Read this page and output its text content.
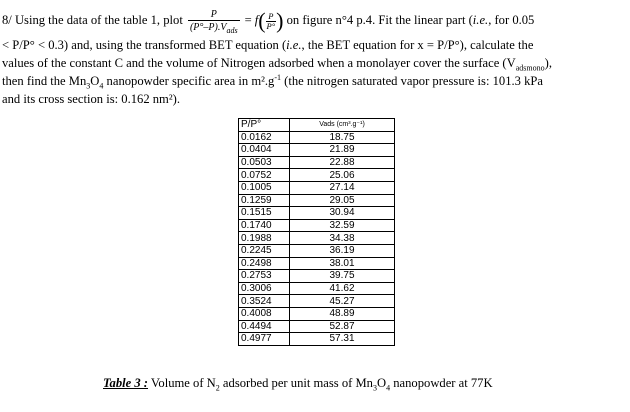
8/ Using the data of the table 1, plot $\frac{P}{(P^\circ-P).V_{ads}} = f( \frac{P}{P^\circ}$ ) on figure n°4 p.4. Fit the linear part (i.e., for 0.05
< P/P° < 0.3) and, using the transformed BET equation (i.e., the BET equation for x = P/P°), calculate the
values of the constant C and the volume of Nitrogen adsorbed when a monolayer cover the surface $(V_{adsmono})$,
then find the $Mn_3O_4$ nanopowder specific area in $m^2.g^{-1}$ (the nitrogen saturated vapor pressure is: 101.3 kPa
and its cross section is: 0.162 nm²).
P/P°	Vads (cm³.g⁻¹)
0.0162	18.75
0.0404	21.89
0.0503	22.88
0.0752	25.06
0.1005	27.14
0.1259	29.05
0.1515	30.94
0.1740	32.59
0.1988	34.38
0.2245	36.19
0.2498	38.01
0.2753	39.75
0.3006	41.62
0.3524	45.27
0.4008	48.89
0.4494	52.87
0.4977	57.31
Table 3 : Volume of $N_2$ adsorbed per unit mass of $Mn_3O_4$ nanopowder at 77K
